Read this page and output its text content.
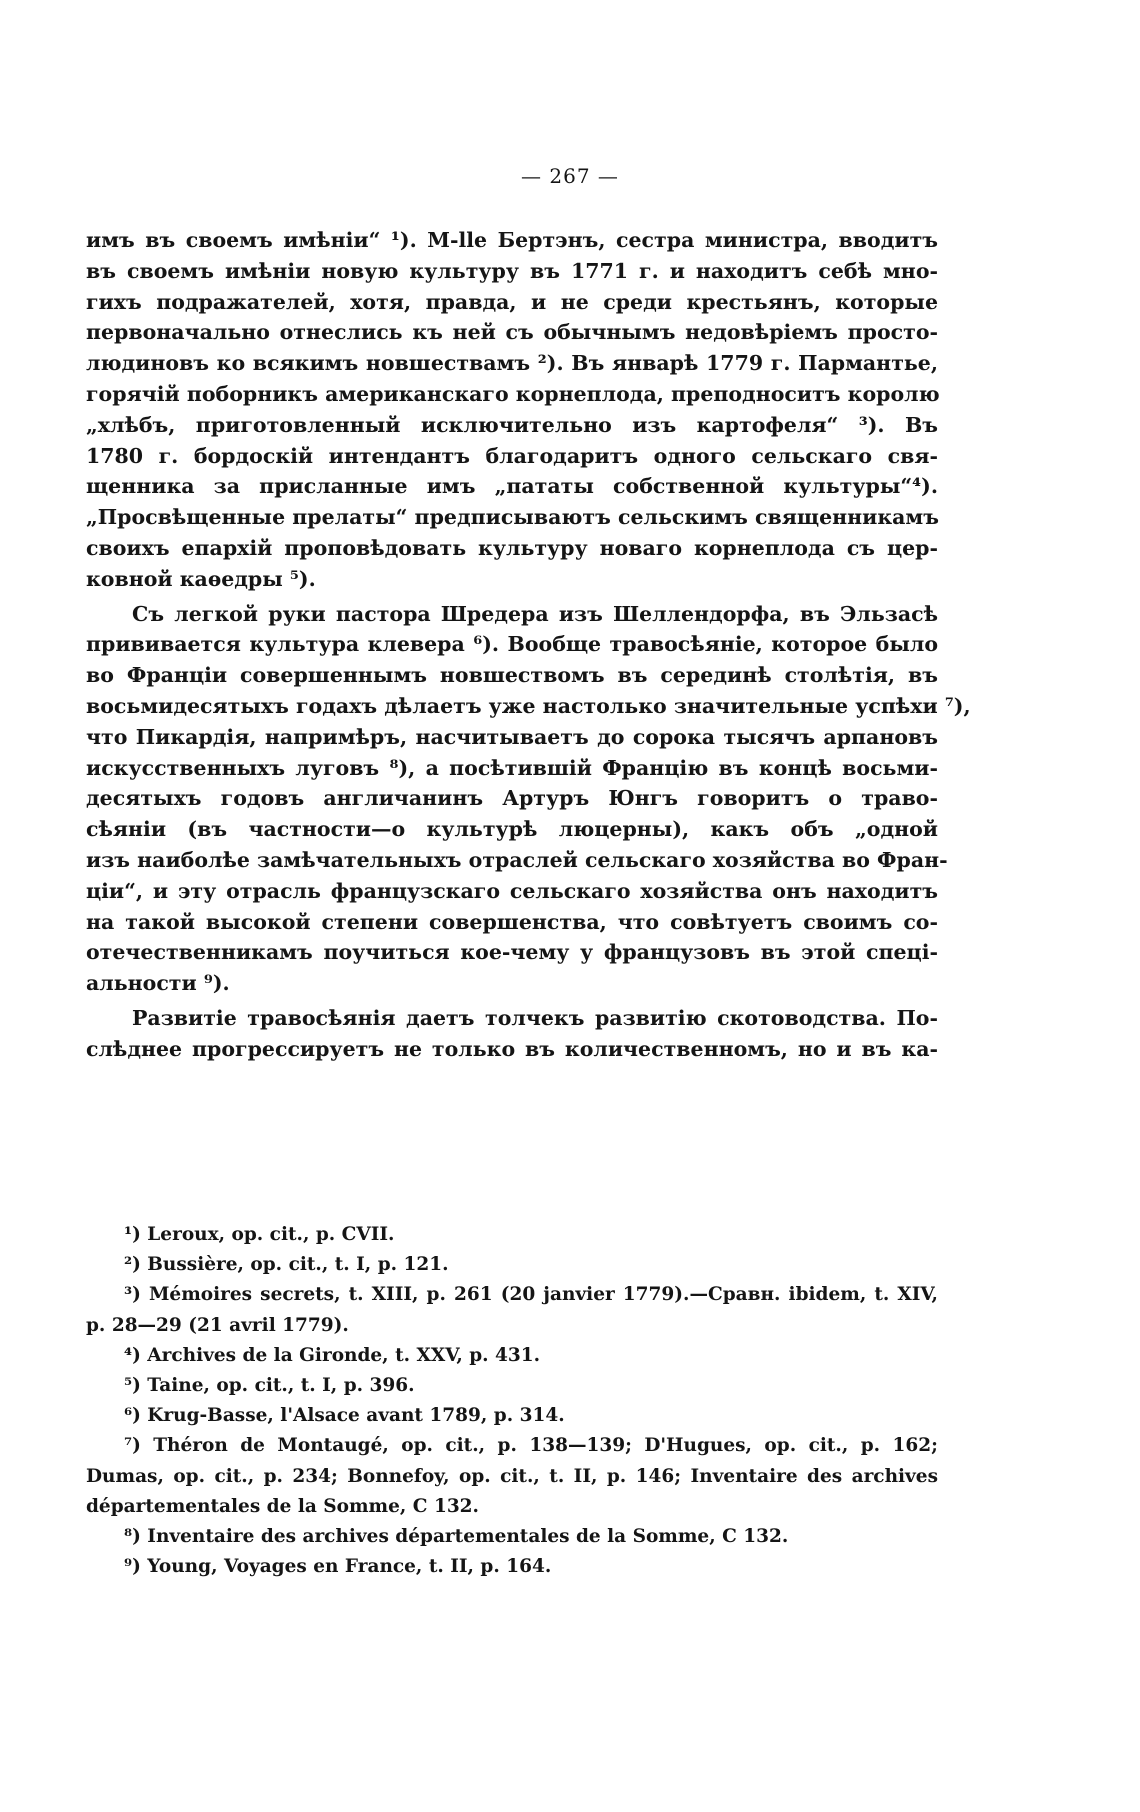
— 267 —
имъ въ своемъ имѣніи“ ¹). M-lle Бертэнъ, сестра министра, вводитъ
въ своемъ имѣніи новую культуру въ 1771 г. и находитъ себѣ мно-
гихъ подражателей, хотя, правда, и не среди крестьянъ, которые
первоначально отнеслись къ ней съ обычнымъ недовѣріемъ просто-
людиновъ ко всякимъ новшествамъ ²). Въ январѣ 1779 г. Пармантье,
горячій поборникъ американскаго корнеплода, преподноситъ королю
„хлѣбъ, приготовленный исключительно изъ картофеля“ ³). Въ
1780 г. бордоскій интендантъ благодаритъ одного сельскаго свя-
щенника за присланные имъ „пататы собственной культуры“⁴).
„Просвѣщенные прелаты“ предписываютъ сельскимъ священникамъ
своихъ епархій проповѣдовать культуру новаго корнеплода съ цер-
ковной каѳедры ⁵).
Съ легкой руки пастора Шредера изъ Шеллендорфа, въ Эльзасѣ
прививается культура клевера ⁶). Вообще травосѣяніе, которое было
во Франціи совершеннымъ новшествомъ въ серединѣ столѣтія, въ
восьмидесятыхъ годахъ дѣлаетъ уже настолько значительные успѣхи ⁷),
что Пикардія, напримѣръ, насчитываетъ до сорока тысячъ арпановъ
искусственныхъ луговъ ⁸), а посѣтившій Францію въ концѣ восьми-
десятыхъ годовъ англичанинъ Артуръ Юнгъ говоритъ о траво-
сѣяніи (въ частности—о культурѣ люцерны), какъ объ „одной
изъ наиболѣе замѣчательныхъ отраслей сельскаго хозяйства во Фран-
ціи“, и эту отрасль французскаго сельскаго хозяйства онъ находитъ
на такой высокой степени совершенства, что совѣтуетъ своимъ со-
отечественникамъ поучиться кое-чему у французовъ въ этой спеці-
альности ⁹).
Развитіе травосѣянія даетъ толчекъ развитію скотоводства. По-
слѣднее прогрессируетъ не только въ количественномъ, но и въ ка-
¹) Leroux, op. cit., p. CVII.
²) Bussière, op. cit., t. I, p. 121.
³) Mémoires secrets, t. XIII, p. 261 (20 janvier 1779).—Сравн. ibidem, t. XIV,
p. 28—29 (21 avril 1779).
⁴) Archives de la Gironde, t. XXV, p. 431.
⁵) Taine, op. cit., t. I, p. 396.
⁶) Krug-Basse, l'Alsace avant 1789, p. 314.
⁷) Théron de Montaugé, op. cit., p. 138—139; D'Hugues, op. cit., p. 162;
Dumas, op. cit., p. 234; Bonnefoy, op. cit., t. II, p. 146; Inventaire des archives
départementales de la Somme, C 132.
⁸) Inventaire des archives départementales de la Somme, C 132.
⁹) Young, Voyages en France, t. II, p. 164.
